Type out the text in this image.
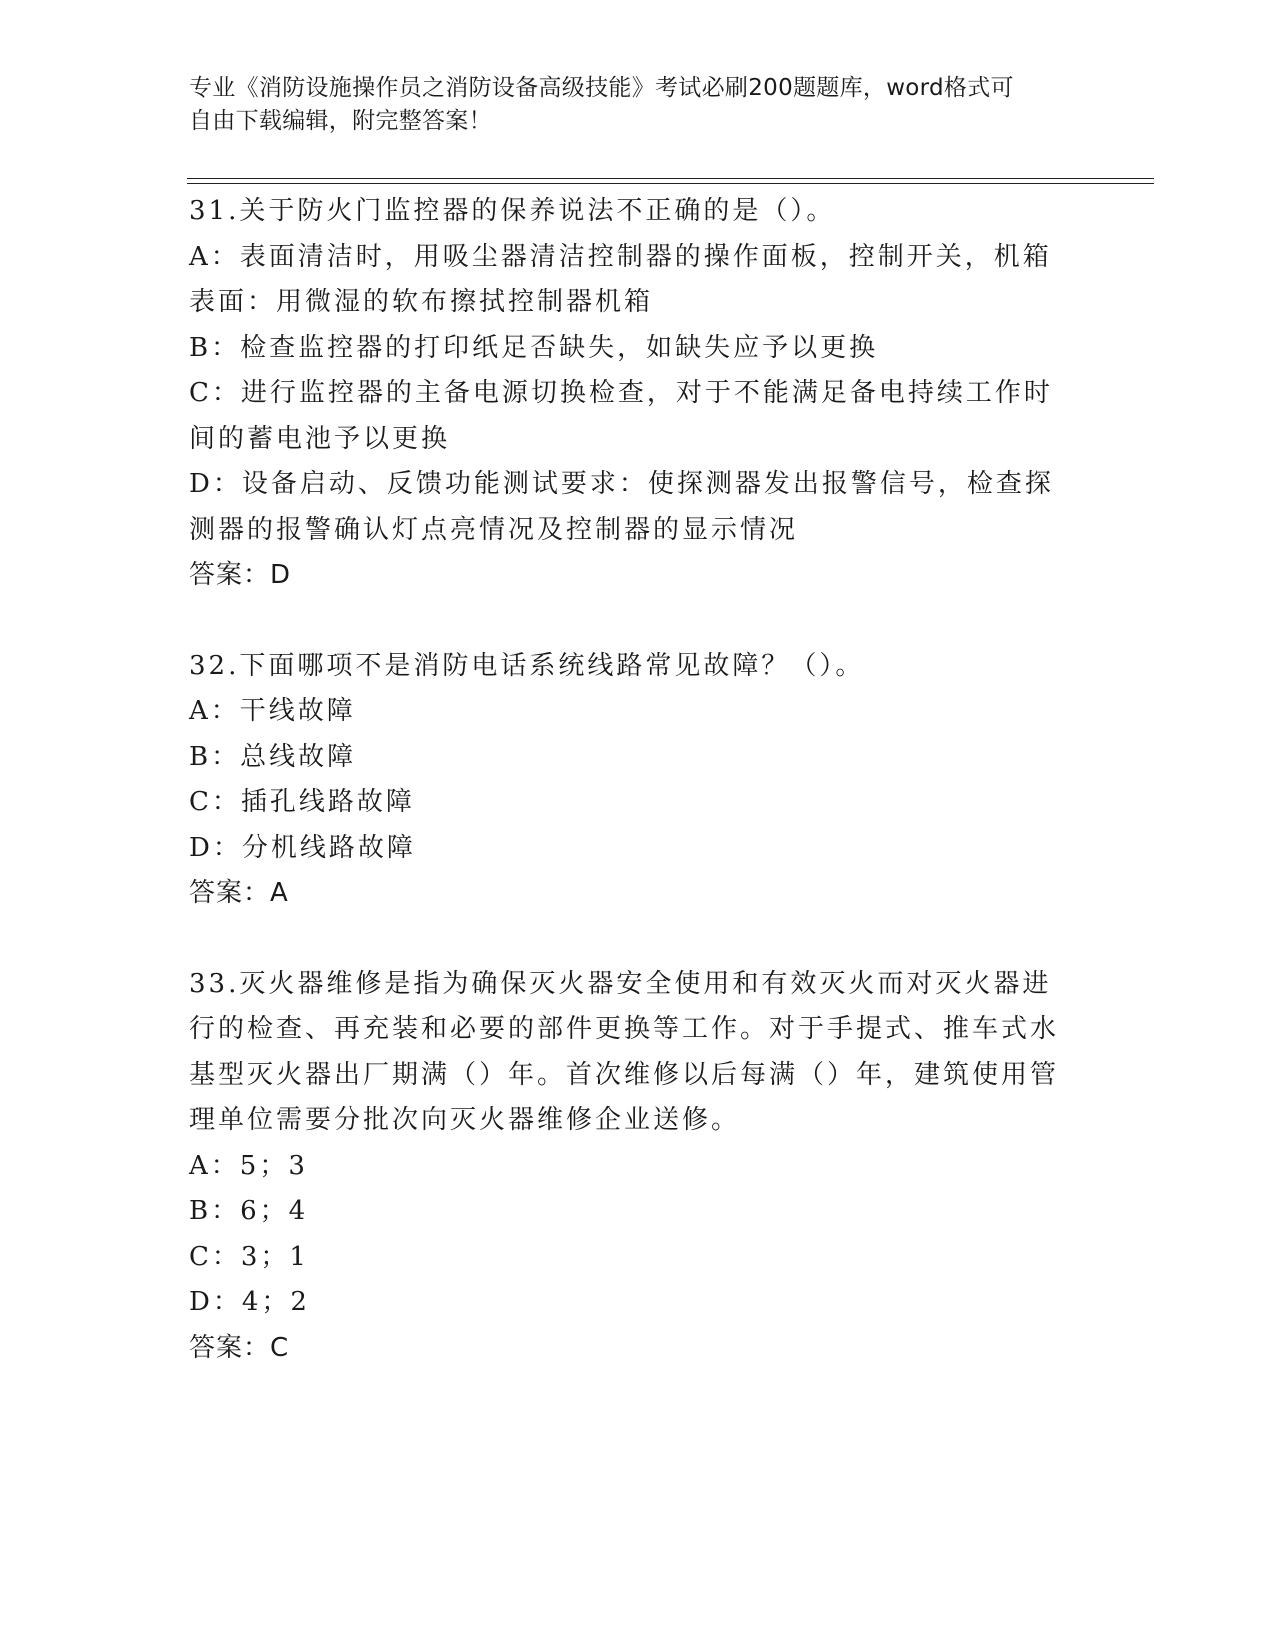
专业《消防设施操作员之消防设备高级技能》考试必刷200题题库，word格式可
自由下载编辑，附完整答案！

31.关于防火门监控器的保养说法不正确的是（）。

A：表面清洁时，用吸尘器清洁控制器的操作面板，控制开关，机箱表面：用微湿的软布擦拭控制器机箱

B：检查监控器的打印纸足否缺失，如缺失应予以更换

C：进行监控器的主备电源切换检查，对于不能满足备电持续工作时间的蓄电池予以更换

D：设备启动、反馈功能测试要求：使探测器发出报警信号，检查探测器的报警确认灯点亮情况及控制器的显示情况

答案：D

32.下面哪项不是消防电话系统线路常见故障？（）。

A：干线故障

B：总线故障

C：插孔线路故障

D：分机线路故障

答案：A

33.灭火器维修是指为确保灭火器安全使用和有效灭火而对灭火器进行的检查、再充装和必要的部件更换等工作。对于手提式、推车式水基型灭火器出厂期满（）年。首次维修以后每满（）年，建筑使用管理单位需要分批次向灭火器维修企业送修。

A：5；3

B：6；4

C：3；1

D：4；2

答案：C
